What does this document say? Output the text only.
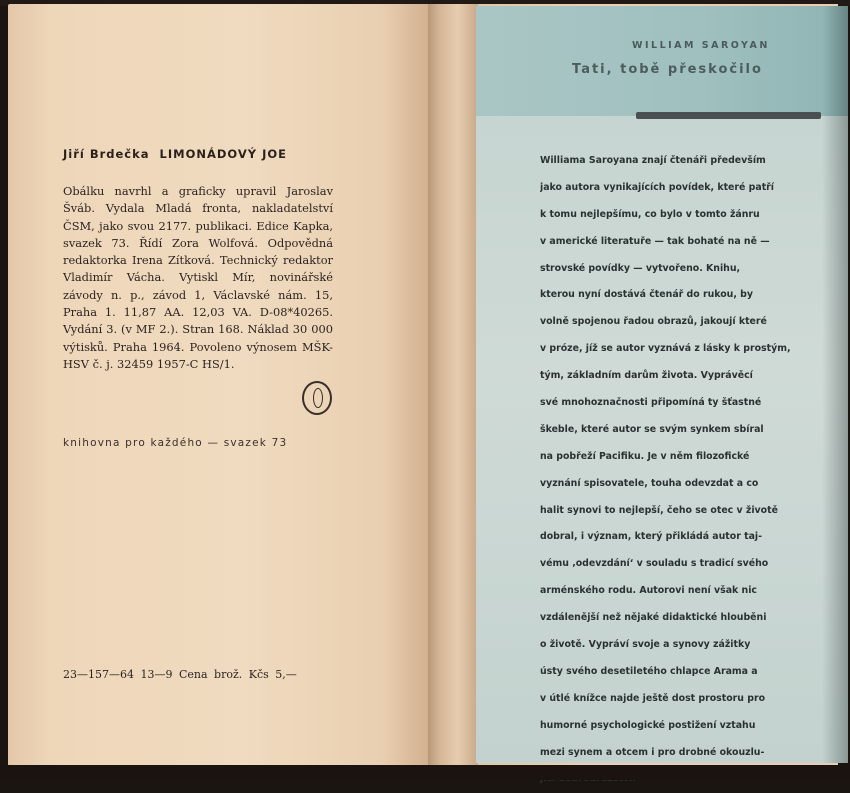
Jiří Brdečka LIMONÁDOVÝ JOE
Obálku navrhl a graficky upravil Jaroslav Šváb. Vydala Mladá fronta, nakladatelství ČSM, jako svou 2177. publikaci. Edice Kapka, svazek 73. Řídí Zora Wolfová. Odpovědná redaktorka Irena Zítková. Technický redaktor Vladimír Vácha. Vytiskl Mír, novinářské závody n. p., závod 1, Václavské nám. 15, Praha 1. 11,87 AA. 12,03 VA. D-08*40265. Vydání 3. (v MF 2.). Stran 168. Náklad 30 000 výtisků. Praha 1964. Povoleno výnosem MŠK-HSV č. j. 32459 1957-C HS/1.
knihovna pro každého — svazek 73
23—157—64 13—9 Cena brož. Kčs 5,—
WILLIAM SAROYAN
Tati, tobě přeskočilo
Williama Saroyana znají čtenáři především
jako autora vynikajících povídek, které patří
k tomu nejlepšímu, co bylo v tomto žánru
v americké literatuře — tak bohaté na ně —
strovské povídky — vytvořeno. Knihu,
kterou nyní dostává čtenář do rukou, by
volně spojenou řadou obrazů, jakoují které
v próze, jíž se autor vyznává z lásky k prostým,
tým, základním darům života. Vyprávěcí
své mnohoznačnosti připomíná ty šťastné
škeble, které autor se svým synkem sbíral
na pobřeží Pacifiku. Je v něm filozofické
vyznání spisovatele, touha odevzdat a co
halit synovi to nejlepší, čeho se otec v životě
dobral, i význam, který přikládá autor taj-
vému ‚odevzdání‘ v souladu s tradicí svého
arménského rodu. Autorovi není však nic
vzdálenější než nějaké didaktické hlouběni
o životě. Vypráví svoje a synovy zážitky
ústy svého desetiletého chlapce Arama a
v útlé knížce najde ještě dost prostoru pro
humorné psychologické postižení vztahu
mezi synem a otcem i pro drobné okouzlu-
